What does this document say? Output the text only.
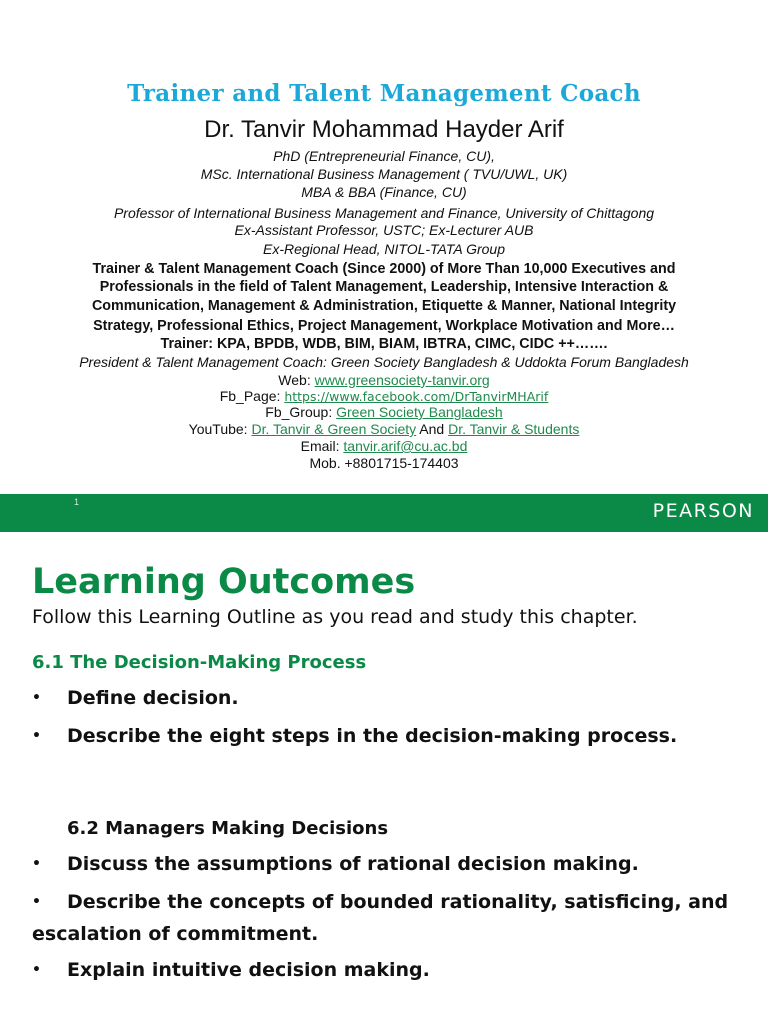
Trainer and Talent Management Coach
Dr. Tanvir Mohammad Hayder Arif
PhD (Entrepreneurial Finance, CU),
MSc. International Business Management ( TVU/UWL, UK)
MBA & BBA (Finance, CU)
Professor of International Business Management and Finance, University of Chittagong
Ex-Assistant Professor, USTC; Ex-Lecturer AUB
Ex-Regional Head, NITOL-TATA Group
Trainer & Talent Management Coach (Since 2000) of More Than 10,000 Executives and
Professionals in the field of Talent Management, Leadership, Intensive Interaction &
Communication, Management & Administration, Etiquette & Manner, National Integrity
Strategy, Professional Ethics, Project Management, Workplace Motivation and More…
Trainer: KPA, BPDB, WDB, BIM, BIAM, IBTRA, CIMC, CIDC ++…….
President & Talent Management Coach: Green Society Bangladesh & Uddokta Forum Bangladesh
Web: www.greensociety-tanvir.org
Fb_Page: https://www.facebook.com/DrTanvirMHArif
Fb_Group: Green Society Bangladesh
YouTube: Dr. Tanvir & Green Society And Dr. Tanvir & Students
Email: tanvir.arif@cu.ac.bd
Mob. +8801715-174403
1	PEARSON
Learning Outcomes
Follow this Learning Outline as you read and study this chapter.
6.1 The Decision-Making Process
• Define decision.
• Describe the eight steps in the decision-making process.
6.2 Managers Making Decisions
• Discuss the assumptions of rational decision making.
• Describe the concepts of bounded rationality, satisficing, and escalation of commitment.
• Explain intuitive decision making.
